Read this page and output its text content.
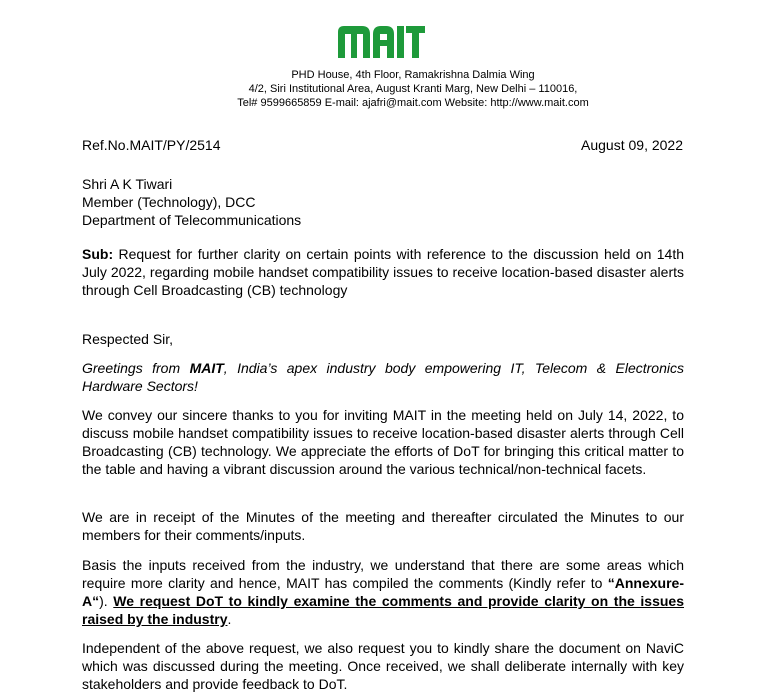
PHD House, 4th Floor, Ramakrishna Dalmia Wing
4/2, Siri Institutional Area, August Kranti Marg, New Delhi – 110016,
Tel# 9599665859 E-mail: ajafri@mait.com Website: http://www.mait.com
Ref.No.MAIT/PY/2514	August 09, 2022
Shri A K Tiwari
Member (Technology), DCC
Department of Telecommunications
Sub: Request for further clarity on certain points with reference to the discussion held on 14th July 2022, regarding mobile handset compatibility issues to receive location-based disaster alerts through Cell Broadcasting (CB) technology
Respected Sir,
Greetings from MAIT, India’s apex industry body empowering IT, Telecom & Electronics Hardware Sectors!
We convey our sincere thanks to you for inviting MAIT in the meeting held on July 14, 2022, to discuss mobile handset compatibility issues to receive location-based disaster alerts through Cell Broadcasting (CB) technology. We appreciate the efforts of DoT for bringing this critical matter to the table and having a vibrant discussion around the various technical/non-technical facets.
We are in receipt of the Minutes of the meeting and thereafter circulated the Minutes to our members for their comments/inputs.
Basis the inputs received from the industry, we understand that there are some areas which require more clarity and hence, MAIT has compiled the comments (Kindly refer to “Annexure-A“). We request DoT to kindly examine the comments and provide clarity on the issues raised by the industry.
Independent of the above request, we also request you to kindly share the document on NaviC which was discussed during the meeting. Once received, we shall deliberate internally with key stakeholders and provide feedback to DoT.
